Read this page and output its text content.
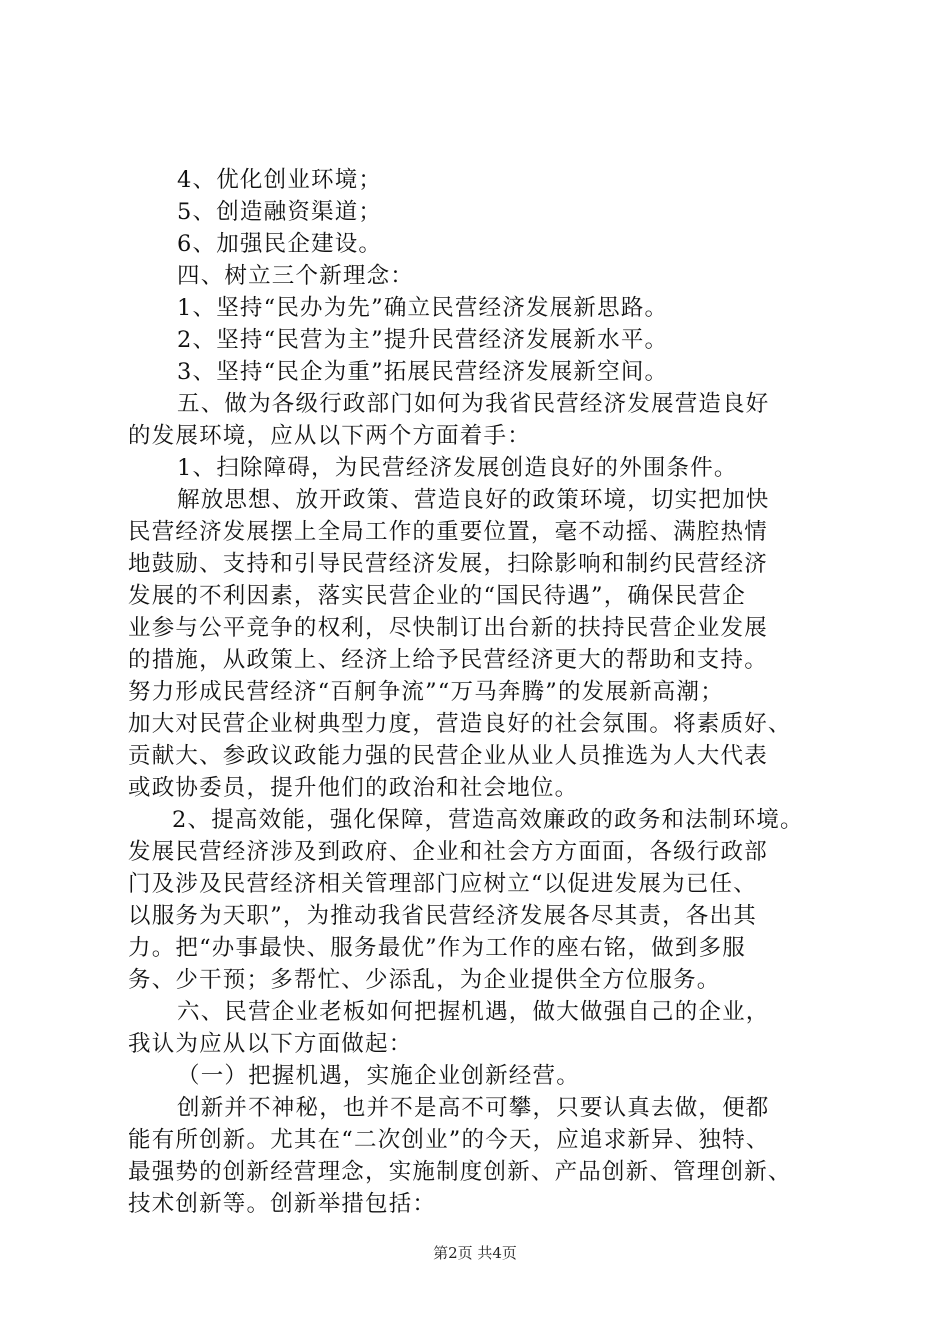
4、优化创业环境；
5、创造融资渠道；
6、加强民企建设。
四、树立三个新理念：
1、坚持“民办为先”确立民营经济发展新思路。
2、坚持“民营为主”提升民营经济发展新水平。
3、坚持“民企为重”拓展民营经济发展新空间。
五、做为各级行政部门如何为我省民营经济发展营造良好
的发展环境，应从以下两个方面着手：
1、扫除障碍，为民营经济发展创造良好的外围条件。
解放思想、放开政策、营造良好的政策环境，切实把加快
民营经济发展摆上全局工作的重要位置，毫不动摇、满腔热情
地鼓励、支持和引导民营经济发展，扫除影响和制约民营经济
发展的不利因素，落实民营企业的“国民待遇”，确保民营企
业参与公平竞争的权利，尽快制订出台新的扶持民营企业发展
的措施，从政策上、经济上给予民营经济更大的帮助和支持。
努力形成民营经济“百舸争流”“万马奔腾”的发展新高潮；
加大对民营企业树典型力度，营造良好的社会氛围。将素质好、
贡献大、参政议政能力强的民营企业从业人员推选为人大代表
或政协委员，提升他们的政治和社会地位。
2、提高效能，强化保障，营造高效廉政的政务和法制环境。
发展民营经济涉及到政府、企业和社会方方面面，各级行政部
门及涉及民营经济相关管理部门应树立“以促进发展为已任、
以服务为天职”，为推动我省民营经济发展各尽其责，各出其
力。把“办事最快、服务最优”作为工作的座右铭，做到多服
务、少干预；多帮忙、少添乱，为企业提供全方位服务。
六、民营企业老板如何把握机遇，做大做强自己的企业，
我认为应从以下方面做起：
（一）把握机遇，实施企业创新经营。
创新并不神秘，也并不是高不可攀，只要认真去做，便都
能有所创新。尤其在“二次创业”的今天，应追求新异、独特、
最强势的创新经营理念，实施制度创新、产品创新、管理创新、
技术创新等。创新举措包括：
第2页 共4页
